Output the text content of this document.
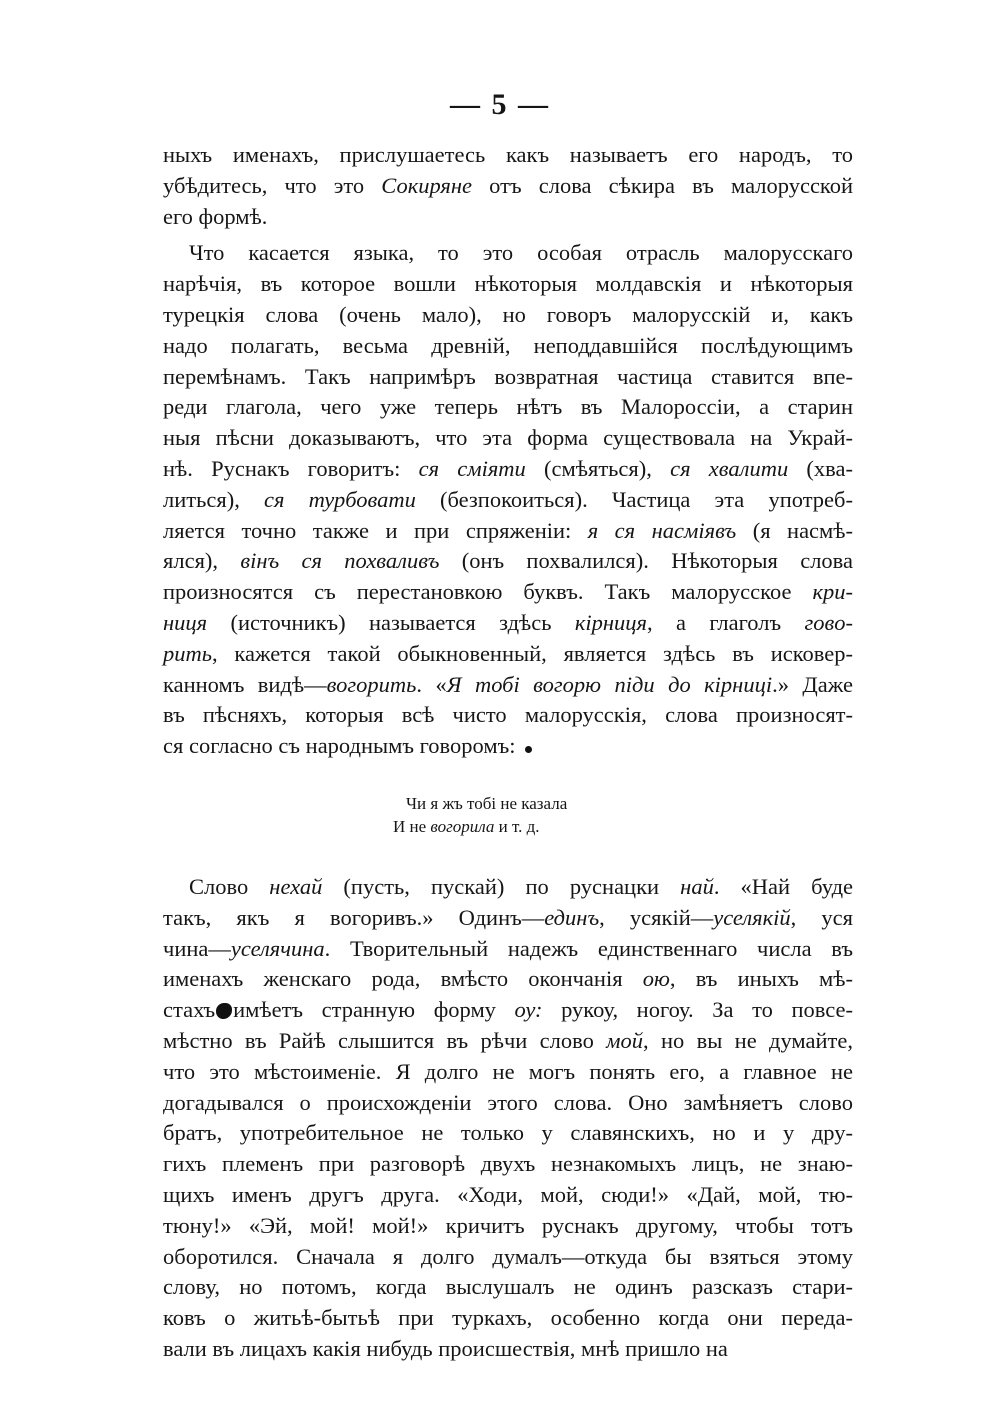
— 5 —
ныхъ именахъ, прислушаетесь какъ называетъ его народъ, то
убѣдитесь, что это Сокиряне отъ слова сѣкира въ малорусской
его формѣ.
Что касается языка, то это особая отрасль малорусскаго
нарѣчія, въ которое вошли нѣкоторыя молдавскія и нѣкоторыя
турецкія слова (очень мало), но говоръ малорусскій и, какъ
надо полагать, весьма древній, неподдавшійся послѣдующимъ
перемѣнамъ. Такъ напримѣръ возвратная частица ставится впе-
реди глагола, чего уже теперь нѣтъ въ Малороссіи, а старин
ныя пѣсни доказываютъ, что эта форма существовала на Украй-
нѣ. Руснакъ говоритъ: ся сміяти (смѣяться), ся хвалити (хва-
литься), ся турбовати (безпокоиться). Частица эта употреб-
ляется точно также и при спряженіи: я ся насміявъ (я насмѣ-
ялся), вінъ ся похваливъ (онъ похвалился). Нѣкоторыя слова
произносятся съ перестановкою буквъ. Такъ малорусское кри-
ниця (источникъ) называется здѣсь кірниця, а глаголъ говo-
рить, кажется такой обыкновенный, является здѣсь въ исковер-
канномъ видѣ—вогорить. «Я тобі вогорю піди до кірниці.» Даже
въ пѣсняхъ, которыя всѣ чисто малорусскія, слова произносят-
ся согласно съ народнымъ говоромъ:
Чи я жъ тобі не казала
И не вогорила и т. д.
Слово нехай (пусть, пускай) по руснацки най. «Най буде
такъ, якъ я вогоривъ.» Одинъ—единъ, усякій—уселякій, уся
чина—уселячина. Творительный надежъ единственнаго числа въ
именахъ женскаго рода, вмѣсто окончанія ою, въ иныхъ мѣ-
стахъ имѣетъ странную форму оу: рукоу, ногоу. За то повсе-
мѣстно въ Райѣ слышится въ рѣчи слово мой, но вы не думайте,
что это мѣстоименіе. Я долго не могъ понять его, а главное не
догадывался о происхожденіи этого слова. Оно замѣняетъ слово
братъ, употребительное не только у славянскихъ, но и у дру-
гихъ племенъ при разговорѣ двухъ незнакомыхъ лицъ, не знаю-
щихъ именъ другъ друга. «Ходи, мой, сюди!» «Дай, мой, тю-
тюну!» «Эй, мой! мой!» кричитъ руснакъ другому, чтобы тотъ
оборотился. Сначала я долго думалъ—откуда бы взяться этому
слову, но потомъ, когда выслушалъ не одинъ разсказъ стари-
ковъ о житьѣ-бытьѣ при туркахъ, особенно когда они переда-
вали въ лицахъ какія нибудь происшествія, мнѣ пришло на
